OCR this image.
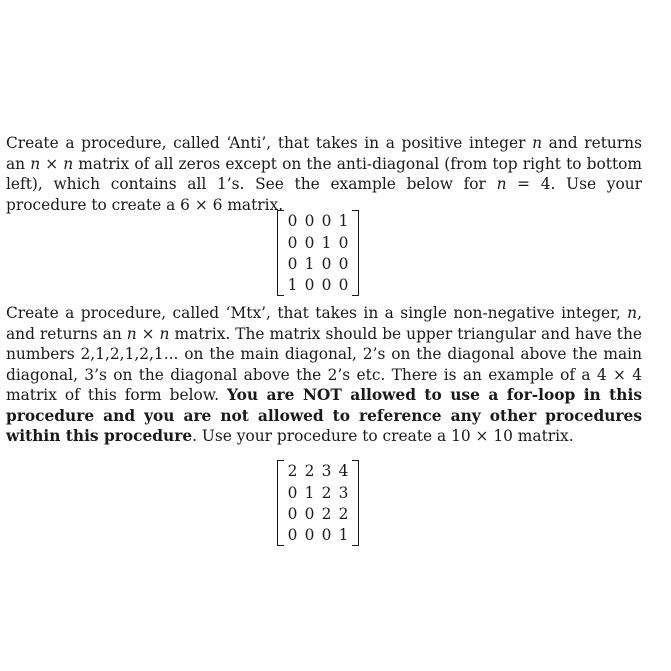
Create a procedure, called ‘Anti’, that takes in a positive integer n and returns an n × n matrix of all zeros except on the anti-diagonal (from top right to bottom left), which contains all 1’s. See the example below for n = 4. Use your procedure to create a 6 × 6 matrix.
	0	0	0	1	
	0	0	1	0	
	0	1	0	0	
	1	0	0	0	
Create a procedure, called ‘Mtx’, that takes in a single non-negative integer, n, and returns an n × n matrix. The matrix should be upper triangular and have the numbers 2,1,2,1,2,1... on the main diagonal, 2’s on the diagonal above the main diagonal, 3’s on the diagonal above the 2’s etc. There is an example of a 4 × 4 matrix of this form below. You are NOT allowed to use a for-loop in this procedure and you are not allowed to reference any other procedures within this procedure. Use your procedure to create a 10 × 10 matrix.
	2	2	3	4	
	0	1	2	3	
	0	0	2	2	
	0	0	0	1	
